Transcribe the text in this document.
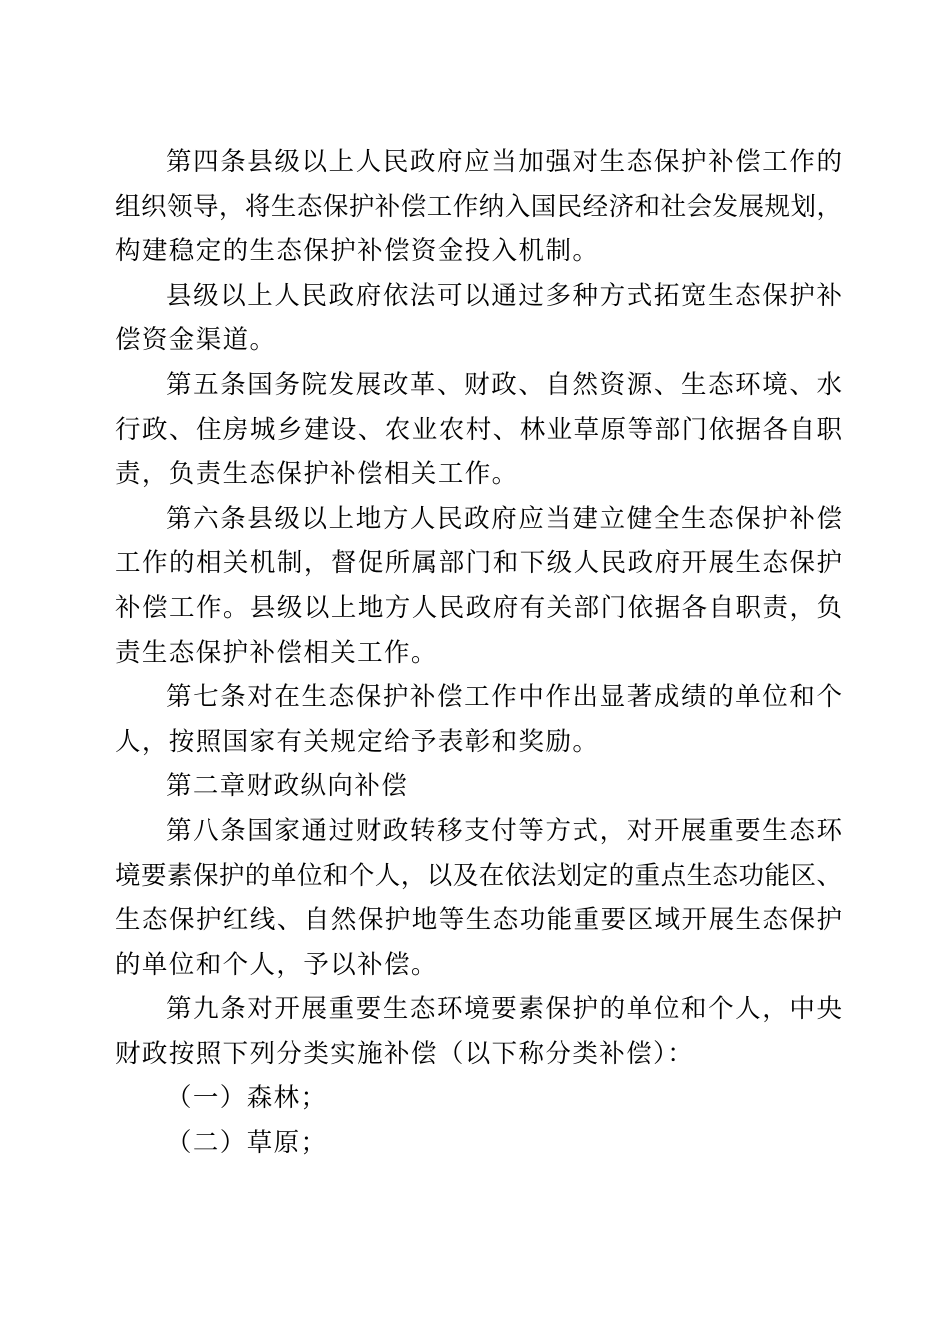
第四条县级以上人民政府应当加强对生态保护补偿工作的
组织领导，将生态保护补偿工作纳入国民经济和社会发展规划，
构建稳定的生态保护补偿资金投入机制。
县级以上人民政府依法可以通过多种方式拓宽生态保护补
偿资金渠道。
第五条国务院发展改革、财政、自然资源、生态环境、水
行政、住房城乡建设、农业农村、林业草原等部门依据各自职
责，负责生态保护补偿相关工作。
第六条县级以上地方人民政府应当建立健全生态保护补偿
工作的相关机制，督促所属部门和下级人民政府开展生态保护
补偿工作。县级以上地方人民政府有关部门依据各自职责，负
责生态保护补偿相关工作。
第七条对在生态保护补偿工作中作出显著成绩的单位和个
人，按照国家有关规定给予表彰和奖励。
第二章财政纵向补偿
第八条国家通过财政转移支付等方式，对开展重要生态环
境要素保护的单位和个人，以及在依法划定的重点生态功能区、
生态保护红线、自然保护地等生态功能重要区域开展生态保护
的单位和个人，予以补偿。
第九条对开展重要生态环境要素保护的单位和个人，中央
财政按照下列分类实施补偿（以下称分类补偿）：
（一）森林；
（二）草原；
